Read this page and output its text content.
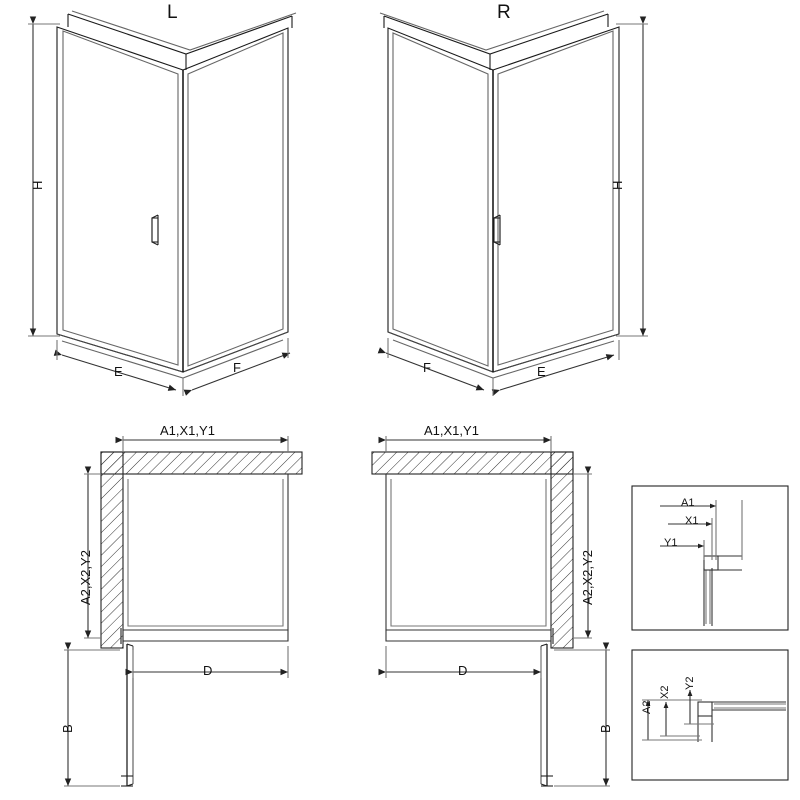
L	R
H	H
E	F	F	E
A1,X1,Y1	A1,X1,Y1
A2,X2,Y2	A2,X2,Y2
D	D
B	B
A1
X1
Y1
A2
X2
Y2
